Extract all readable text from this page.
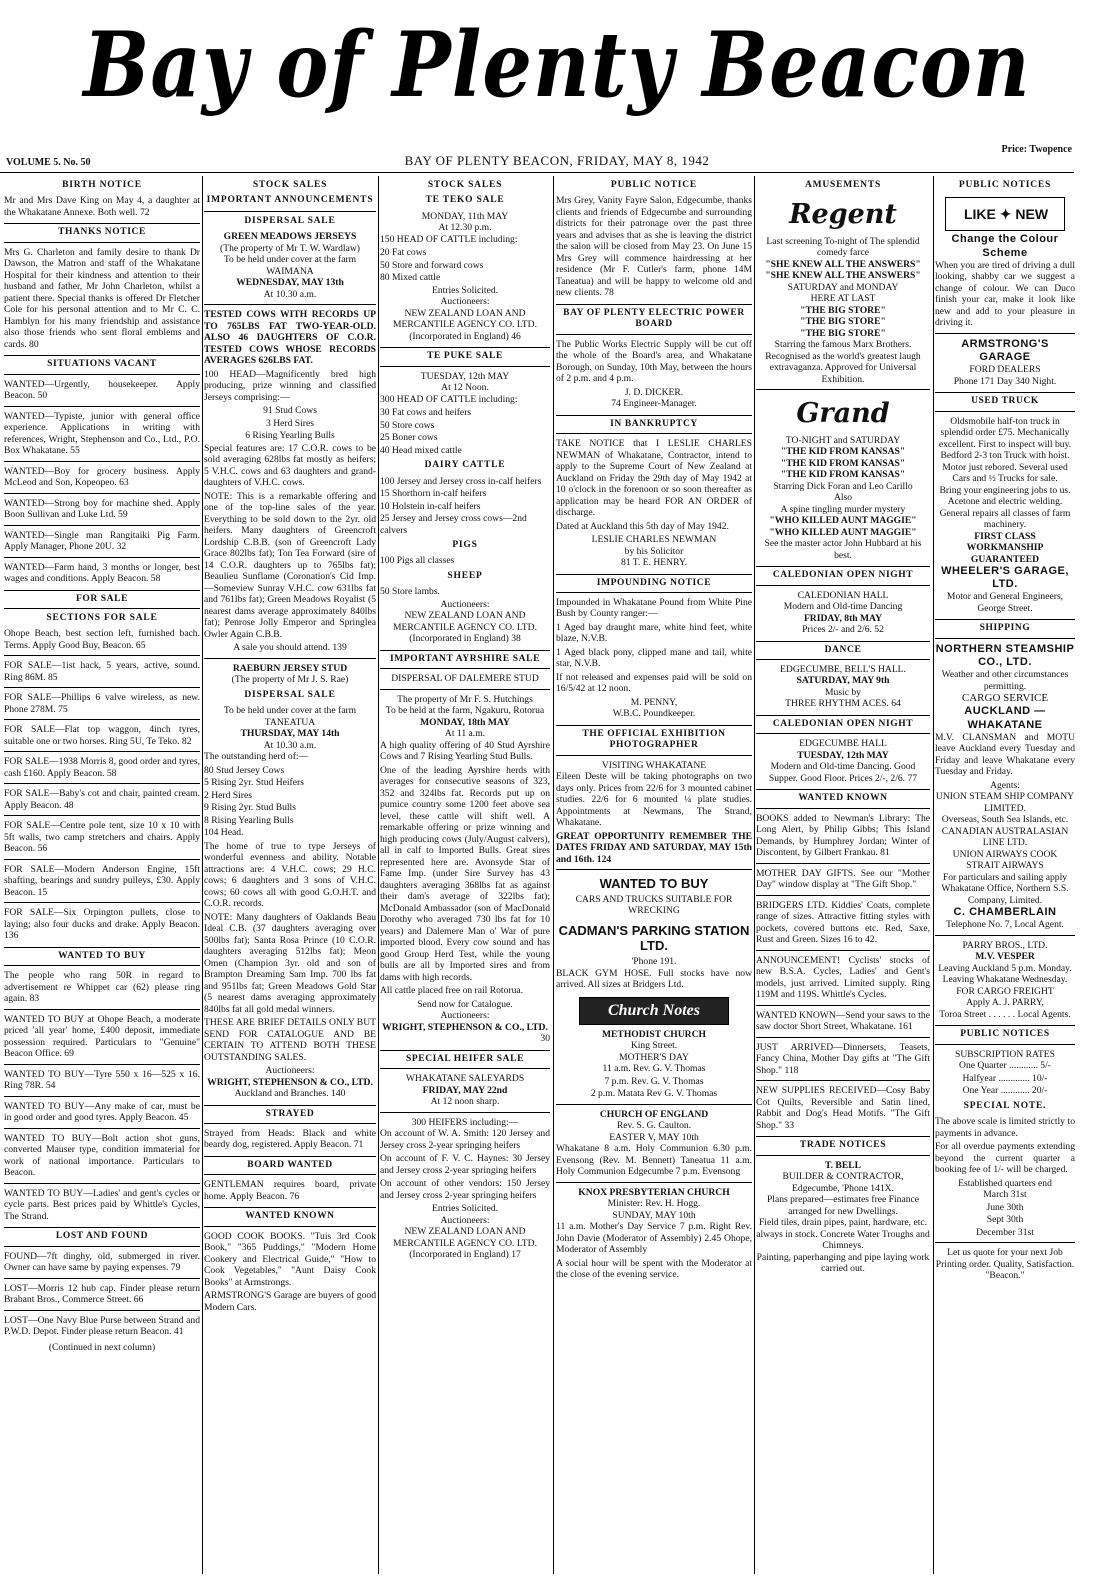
Bay of Plenty Beacon
VOLUME 5. No. 50	BAY OF PLENTY BEACON, FRIDAY, MAY 8, 1942
Price: Twopence
BIRTH NOTICE
Mr and Mrs Dave King on May 4, a daughter at the Whakatane Annexe. Both well. 72
THANKS NOTICE
Mrs G. Charleton and family desire to thank Dr Dawson, the Matron and staff of the Whakatane Hospital for their kindness and attention to their husband and father, Mr John Charleton, whilst a patient there. Special thanks is offered Dr Fletcher Cole for his personal attention and to Mr C. C. Hamblyn for his many friendship and assistance also those friends who sent floral emblems and cards. 80
SITUATIONS VACANT
WANTED—Urgently, housekeeper. Apply Beacon. 50
WANTED—Typiste, junior with general office experience. Applications in writing with references, Wright, Stephenson and Co., Ltd., P.O. Box Whakatane. 55
WANTED—Boy for grocery business. Apply McLeod and Son, Kopeopeo. 63
WANTED—Strong boy for machine shed. Apply Boon Sullivan and Luke Ltd. 59
WANTED—Single man Rangitaiki Pig Farm. Apply Manager, Phone 20U. 32
WANTED—Farm hand, 3 months or longer, best wages and conditions. Apply Beacon. 58
FOR SALE
SECTIONS FOR SALE
Ohope Beach, best section left, furnished bach. Terms. Apply Good Buy, Beacon. 65
FOR SALE—1ist hack, 5 years, active, sound. Ring 86M. 85
FOR SALE—Phillips 6 valve wireless, as new. Phone 278M. 75
FOR SALE—Flat top waggon, 4inch tyres, suitable one or two horses. Ring 5U, Te Teko. 82
FOR SALE—1938 Morris 8, good order and tyres, cash £160. Apply Beacon. 58
FOR SALE—Baby's cot and chair, painted cream. Apply Beacon. 48
FOR SALE—Centre pole tent, size 10 x 10 with 5ft walls, two camp stretchers and chairs. Apply Beacon. 56
FOR SALE—Modern Anderson Engine, 15ft shafting, bearings and sundry pulleys, £30. Apply Beacon. 15
FOR SALE—Six Orpington pullets, close to laying; also four ducks and drake. Apply Beacon. 136
WANTED TO BUY
The people who rang 50R in regard to advertisement re Whippet car (62) please ring again. 83
WANTED TO BUY at Ohope Beach, a moderate priced 'all year' home, £400 deposit, immediate possession required. Particulars to "Genuine" Beacon Office. 69
WANTED TO BUY—Tyre 550 x 16—525 x 16. Ring 78R. 54
WANTED TO BUY—Any make of car, must be in good order and good tyres. Apply Beacon. 45
WANTED TO BUY—Bolt action shot guns, converted Mauser type, condition immaterial for work of national importance. Particulars to Beacon.
WANTED TO BUY—Ladies' and gent's cycles or cycle parts. Best prices paid by Whittle's Cycles, The Strand.
LOST AND FOUND
FOUND—7ft dinghy, old, submerged in river. Owner can have same by paying expenses. 79
LOST—Morris 12 hub cap. Finder please return Brabant Bros., Commerce Street. 66
LOST—One Navy Blue Purse between Strand and P.W.D. Depot. Finder please return Beacon. 41
(Continued in next column)
STOCK SALES
IMPORTANT ANNOUNCEMENTS
DISPERSAL SALE
GREEN MEADOWS JERSEYS
(The property of Mr T. W. Wardlaw)
To be held under cover at the farm
WAIMANA
WEDNESDAY, MAY 13th
At 10.30 a.m.
TESTED COWS WITH RECORDS UP TO 765LBS FAT TWO-YEAR-OLD. ALSO 46 DAUGHTERS OF C.O.R. TESTED COWS WHOSE RECORDS AVERAGES 626LBS FAT.
100 HEAD—Magnificently bred high producing, prize winning and classified Jerseys comprising:—
91 Stud Cows
3 Herd Sires
6 Rising Yearling Bulls
Special features are: 17 C.O.R. cows to be sold averaging 628lbs fat mostly as heifers; 5 V.H.C. cows and 63 daughters and grand-daughters of V.H.C. cows.
NOTE: This is a remarkable offering and one of the top-line sales of the year. Everything to be sold down to the 2yr. old heifers. Many daughters of Greencroft Lordship C.B.B. (son of Greencroft Lady Grace 802lbs fat); Ton Tea Forward (sire of 14 C.O.R. daughters up to 765lbs fat); Beaulieu Sunflame (Coronation's Cid Imp.—Someview Sunray V.H.C. cow 631lbs fat and 761lbs fat); Green Meadows Royalist (5 nearest dams average approximately 840lbs fat); Penrose Jolly Emperor and Springlea Owler Again C.B.B.
A sale you should attend. 139
RAEBURN JERSEY STUD
(The property of Mr J. S. Rae)
DISPERSAL SALE
To be held under cover at the farm
TANEATUA
THURSDAY, MAY 14th
At 10.30 a.m.
The outstanding herd of:—
80 Stud Jersey Cows
5 Rising 2yr. Stud Heifers
2 Herd Sires
9 Rising 2yr. Stud Bulls
8 Rising Yearling Bulls
104 Head.
The home of true to type Jerseys of wonderful evenness and ability. Notable attractions are: 4 V.H.C. cows; 29 H.C. cows; 6 daughters and 3 sons of V.H.C. cows; 60 cows all with good G.O.H.T. and C.O.R. records.
NOTE: Many daughters of Oaklands Beau Ideal C.B. (37 daughters averaging over 500lbs fat); Santa Rosa Prince (10 C.O.R. daughters averaging 512lbs fat); Meon Omen (Champion 3yr. old and son of Brampton Dreaming Sam Imp. 700 lbs fat and 951lbs fat; Green Meadows Gold Star (5 nearest dams averaging approximately 840lbs fat all gold medal winners.
THESE ARE BRIEF DETAILS ONLY BUT SEND FOR CATALOGUE AND BE CERTAIN TO ATTEND BOTH THESE OUTSTANDING SALES.
Auctioneers:
WRIGHT, STEPHENSON & CO., LTD.
Auckland and Branches. 140
STRAYED
Strayed from Heads: Black and white beardy dog, registered. Apply Beacon. 71
BOARD WANTED
GENTLEMAN requires board, private home. Apply Beacon. 76
WANTED KNOWN
GOOD COOK BOOKS. "Tuis 3rd Cook Book," "365 Puddings," "Modern Home Cookery and Electrical Guide," "How to Cook Vegetables," "Aunt Daisy Cook Books" at Armstrongs.
ARMSTRONG'S Garage are buyers of good Modern Cars.
STOCK SALES
TE TEKO SALE
MONDAY, 11th MAY
At 12.30 p.m.
150 HEAD OF CATTLE including:
20 Fat cows
50 Store and forward cows
80 Mixed cattle
Entries Solicited.
Auctioneers:
NEW ZEALAND LOAN AND MERCANTILE AGENCY CO. LTD.
(Incorporated in England) 46
TE PUKE SALE
TUESDAY, 12th MAY
At 12 Noon.
300 HEAD OF CATTLE including:
30 Fat cows and heifers
50 Store cows
25 Boner cows
40 Head mixed cattle
DAIRY CATTLE
100 Jersey and Jersey cross in-calf heifers
15 Shorthorn in-calf heifers
10 Holstein in-calf heifers
25 Jersey and Jersey cross cows—2nd calvers
PIGS
100 Pigs all classes
SHEEP
50 Store lambs.
Auctioneers:
NEW ZEALAND LOAN AND MERCANTILE AGENCY CO. LTD.
(Incorporated in England) 38
IMPORTANT AYRSHIRE SALE
DISPERSAL OF DALEMERE STUD
The property of Mr F. S. Hutchings
To be held at the farm, Ngakuru, Rotorua
MONDAY, 18th MAY
At 11 a.m.
A high quality offering of 40 Stud Ayrshire Cows and 7 Rising Yearling Stud Bulls.
One of the leading Ayrshire herds with averages for consecutive seasons of 323, 352 and 324lbs fat. Records put up on pumice country some 1200 feet above sea level, these cattle will shift well. A remarkable offering or prize winning and high producing cows (July/August calvers), all in calf to Imported Bulls. Great sires represented here are. Avonsyde Star of Fame Imp. (under Sire Survey has 43 daughters averaging 368lbs fat as against their dam's average of 322lbs fat); McDonald Ambassador (son of MacDonald Dorothy who averaged 730 lbs fat for 10 years) and Dalemere Man o' War of pure imported blood. Every cow sound and has good Group Herd Test, while the young bulls are all by Imported sires and from dams with high records.
All cattle placed free on rail Rotorua.
Send now for Catalogue.
Auctioneers:
WRIGHT, STEPHENSON & CO., LTD.
30
SPECIAL HEIFER SALE
WHAKATANE SALEYARDS
FRIDAY, MAY 22nd
At 12 noon sharp.
300 HEIFERS including:—
On account of W. A. Smith: 120 Jersey and Jersey cross 2-year springing heifers
On account of F. V. C. Haynes: 30 Jersey and Jersey cross 2-year springing heifers
On account of other vendors: 150 Jersey and Jersey cross 2-year springing heifers
Entries Solicited.
Auctioneers:
NEW ZEALAND LOAN AND MERCANTILE AGENCY CO. LTD.
(Incorporated in England) 17
PUBLIC NOTICE
Mrs Grey, Vanity Fayre Salon, Edgecumbe, thanks clients and friends of Edgecumbe and surrounding districts for their patronage over the past three years and advises that as she is leaving the district the salon will be closed from May 23. On June 15 Mrs Grey will commence hairdressing at her residence (Mr F. Cutler's farm, phone 14M Taneatua) and will be happy to welcome old and new clients. 78
BAY OF PLENTY ELECTRIC POWER BOARD
The Public Works Electric Supply will be cut off the whole of the Board's area, and Whakatane Borough, on Sunday, 10th May, between the hours of 2 p.m. and 4 p.m.
J. D. DICKER.
74 Engineer-Manager.
IN BANKRUPTCY
TAKE NOTICE that I LESLIE CHARLES NEWMAN of Whakatane, Contractor, intend to apply to the Supreme Court of New Zealand at Auckland on Friday the 29th day of May 1942 at 10 o'clock in the forenoon or so soon thereafter as application may be heard FOR AN ORDER of discharge.
Dated at Auckland this 5th day of May 1942.
LESLIE CHARLES NEWMAN
by his Solicitor
81 T. E. HENRY.
IMPOUNDING NOTICE
Impounded in Whakatane Pound from White Pine Bush by County ranger:—
1 Aged bay draught mare, white hind feet, white blaze, N.V.B.
1 Aged black pony, clipped mane and tail, white star, N.V.B.
If not released and expenses paid will be sold on 16/5/42 at 12 noon.
M. PENNY,
W.B.C. Poundkeeper.
THE OFFICIAL EXHIBITION PHOTOGRAPHER
VISITING WHAKATANE
Eileen Deste will be taking photographs on two days only. Prices from 22/6 for 3 mounted cabinet studies. 22/6 for 6 mounted ¼ plate studies. Appointments at Newmans, The Strand, Whakatane.
GREAT OPPORTUNITY REMEMBER THE DATES FRIDAY AND SATURDAY, MAY 15th and 16th. 124
WANTED TO BUY
CARS AND TRUCKS SUITABLE FOR WRECKING
CADMAN'S PARKING STATION LTD.
'Phone 191.
BLACK GYM HOSE. Full stocks have now arrived. All sizes at Bridgers Ltd.
Church Notes
METHODIST CHURCH
King Street.
MOTHER'S DAY
11 a.m. Rev. G. V. Thomas
7 p.m. Rev. G. V. Thomas
2 p.m. Matata Rev G. V. Thomas
CHURCH OF ENGLAND
Rev. S. G. Caulton.
EASTER V, MAY 10th
Whakatane 8 a.m. Holy Communion 6.30 p.m. Evensong (Rev. M. Bennett) Taneatua 11 a.m. Holy Communion Edgecumbe 7 p.m. Evensong
KNOX PRESBYTERIAN CHURCH
Minister: Rev. H. Hogg.
SUNDAY, MAY 10th
11 a.m. Mother's Day Service 7 p.m. Right Rev. John Davie (Moderator of Assembly) 2.45 Ohope, Moderator of Assembly
A social hour will be spent with the Moderator at the close of the evening service.
AMUSEMENTS
Regent
Last screening To-night of The splendid comedy farce
"SHE KNEW ALL THE ANSWERS"
"SHE KNEW ALL THE ANSWERS"
SATURDAY and MONDAY
HERE AT LAST
"THE BIG STORE"
"THE BIG STORE"
"THE BIG STORE"
Starring the famous Marx Brothers. Recognised as the world's greatest laugh extravaganza. Approved for Universal Exhibition.
Grand
TO-NIGHT and SATURDAY
"THE KID FROM KANSAS"
"THE KID FROM KANSAS"
"THE KID FROM KANSAS"
Starring Dick Foran and Leo Carillo
Also
A spine tingling murder mystery
"WHO KILLED AUNT MAGGIE"
"WHO KILLED AUNT MAGGIE"
See the master actor John Hubbard at his best.
CALEDONIAN OPEN NIGHT
CALEDONIAN HALL
Modern and Old-time Dancing
FRIDAY, 8th MAY
Prices 2/- and 2/6. 52
DANCE
EDGECUMBE, BELL'S HALL.
SATURDAY, MAY 9th
Music by
THREE RHYTHM ACES. 64
CALEDONIAN OPEN NIGHT
EDGECUMBE HALL
TUESDAY, 12th MAY
Modern and Old-time Dancing. Good Supper. Good Floor. Prices 2/-, 2/6. 77
WANTED KNOWN
BOOKS added to Newman's Library: The Long Alert, by Philip Gibbs; This Island Demands, by Humphrey Jordan; Winter of Discontent, by Gilbert Frankau. 81
MOTHER DAY GIFTS. See our "Mother Day" window display at "The Gift Shop."
BRIDGERS LTD. Kiddies' Coats, complete range of sizes. Attractive fitting styles with pockets, covered buttons etc. Red, Saxe, Rust and Green. Sizes 16 to 42.
ANNOUNCEMENT! Cyclists' stocks of new B.S.A. Cycles, Ladies' and Gent's models, just arrived. Limited supply. Ring 119M and 119S. Whittle's Cycles.
WANTED KNOWN—Send your saws to the saw doctor Short Street, Whakatane. 161
JUST ARRIVED—Dinnersets, Teasets, Fancy China, Mother Day gifts at "The Gift Shop." 118
NEW SUPPLIES RECEIVED—Cosy Baby Cot Quilts, Reversible and Satin lined, Rabbit and Dog's Head Motifs. "The Gift Shop." 33
TRADE NOTICES
T. BELL
BUILDER & CONTRACTOR,
Edgecumbe, 'Phone 141X.
Plans prepared—estimates free Finance arranged for new Dwellings.
Field tiles, drain pipes, paint, hardware, etc. always in stock. Concrete Water Troughs and Chimneys.
Painting, paperhanging and pipe laying work carried out.
PUBLIC NOTICES
LIKE ✦ NEW
Change the Colour Scheme
When you are tired of driving a dull looking, shabby car we suggest a change of colour. We can Duco finish your car, make it look like new and add to your pleasure in driving it.
ARMSTRONG'S GARAGE
FORD DEALERS
Phone 171 Day 340 Night.
USED TRUCK
Oldsmobile half-ton truck in splendid order £75. Mechanically excellent. First to inspect will buy.
Bedford 2-3 ton Truck with hoist. Motor just rebored. Several used Cars and ½ Trucks for sale.
Bring your engineering jobs to us. Acetone and electric welding. General repairs all classes of farm machinery.
FIRST CLASS WORKMANSHIP GUARANTEED
WHEELER'S GARAGE, LTD.
Motor and General Engineers, George Street.
SHIPPING
NORTHERN STEAMSHIP CO., LTD.
Weather and other circumstances permitting.
CARGO SERVICE
AUCKLAND — WHAKATANE
M.V. CLANSMAN and MOTU leave Auckland every Tuesday and Friday and leave Whakatane every Tuesday and Friday.
Agents:
UNION STEAM SHIP COMPANY LIMITED.
Overseas, South Sea Islands, etc. CANADIAN AUSTRALASIAN LINE LTD.
UNION AIRWAYS COOK STRAIT AIRWAYS
For particulars and sailing apply Whakatane Office, Northern S.S. Company, Limited.
C. CHAMBERLAIN
Telephone No. 7, Local Agent.
PARRY BROS., LTD.
M.V. VESPER
Leaving Auckland 5 p.m. Monday. Leaving Whakatane Wednesday.
FOR CARGO FREIGHT
Apply A. J. PARRY,
Toroa Street . . . . . . Local Agents.
PUBLIC NOTICES
SUBSCRIPTION RATES
One Quarter ............ 5/-
Halfyear ............. 10/-
One Year ............ 20/-
SPECIAL NOTE.
The above scale is limited strictly to payments in advance.
For all overdue payments extending beyond the current quarter a booking fee of 1/- will be charged.
Established quarters end
March 31st
June 30th
Sept 30th
December 31st
Let us quote for your next Job Printing order. Quality, Satisfaction. "Beacon."
